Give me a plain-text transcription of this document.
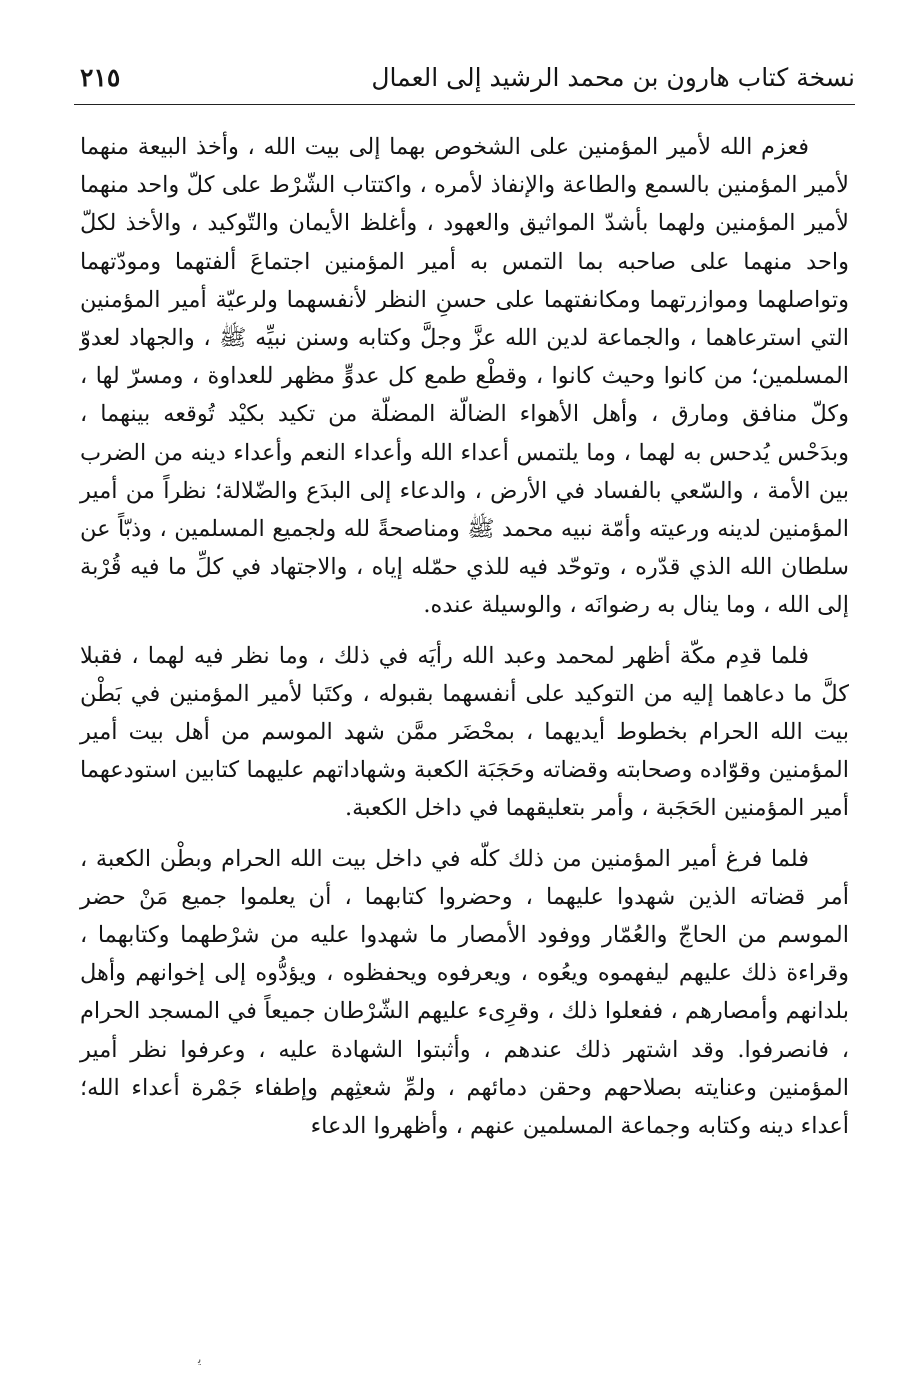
نسخة كتاب هارون بن محمد الرشيد إلى العمال
٢١٥

فعزم الله لأمير المؤمنين على الشخوص بهما إلى بيت الله ، وأخذ البيعة منهما لأمير المؤمنين بالسمع والطاعة والإنفاذ لأمره ، واكتتاب الشّرْط على كلّ واحد منهما لأمير المؤمنين ولهما بأشدّ المواثيق والعهود ، وأغلظ الأيمان والتّوكيد ، والأخذ لكلّ واحد منهما على صاحبه بما التمس به أمير المؤمنين اجتماعَ ألفتهما ومودّتهما وتواصلهما وموازرتهما ومكانفتهما على حسنِ النظر لأنفسهما ولرعيّة أمير المؤمنين التي استرعاهما ، والجماعة لدين الله عزَّ وجلَّ وكتابه وسنن نبيِّه ﷺ ، والجهاد لعدوّ المسلمين؛ من كانوا وحيث كانوا ، وقطْع طمع كل عدوٍّ مظهر للعداوة ، ومسرّ لها ، وكلّ منافق ومارق ، وأهل الأهواء الضالّة المضلّة من تكيد بكيْد تُوقعه بينهما ، وبدَحْس يُدحس به لهما ، وما يلتمس أعداء الله وأعداء النعم وأعداء دينه من الضرب بين الأمة ، والسّعي بالفساد في الأرض ، والدعاء إلى البدَع والضّلالة؛ نظراً من أمير المؤمنين لدينه ورعيته وأمّة نبيه محمد ﷺ ومناصحةً لله ولجميع المسلمين ، وذبّاً عن سلطان الله الذي قدّره ، وتوحّد فيه للذي حمّله إياه ، والاجتهاد في كلِّ ما فيه قُرْبة إلى الله ، وما ينال به رضوانَه ، والوسيلة عنده.

فلما قدِم مكّة أظهر لمحمد وعبد الله رأيَه في ذلك ، وما نظر فيه لهما ، فقبلا كلَّ ما دعاهما إليه من التوكيد على أنفسهما بقبوله ، وكتَبا لأمير المؤمنين في بَطْن بيت الله الحرام بخطوط أيديهما ، بمحْضَر ممَّن شهد الموسم من أهل بيت أمير المؤمنين وقوّاده وصحابته وقضاته وحَجَبَة الكعبة وشهاداتهم عليهما كتابين استودعهما أمير المؤمنين الحَجَبة ، وأمر بتعليقهما في داخل الكعبة.

فلما فرغ أمير المؤمنين من ذلك كلّه في داخل بيت الله الحرام وبطْن الكعبة ، أمر قضاته الذين شهدوا عليهما ، وحضروا كتابهما ، أن يعلموا جميع مَنْ حضر الموسم من الحاجّ والعُمّار ووفود الأمصار ما شهدوا عليه من شرْطهما وكتابهما ، وقراءة ذلك عليهم ليفهموه ويعُوه ، ويعرفوه ويحفظوه ، ويؤدُّوه إلى إخوانهم وأهل بلدانهم وأمصارهم ، ففعلوا ذلك ، وقرِىء عليهم الشّرْطان جميعاً في المسجد الحرام ، فانصرفوا. وقد اشتهر ذلك عندهم ، وأثبتوا الشهادة عليه ، وعرفوا نظر أمير المؤمنين وعنايته بصلاحهم وحقن دمائهم ، ولمِّ شعثِهم وإطفاء جَمْرة أعداء الله؛ أعداء دينه وكتابه وجماعة المسلمين عنهم ، وأظهروا الدعاء

ﯾ
